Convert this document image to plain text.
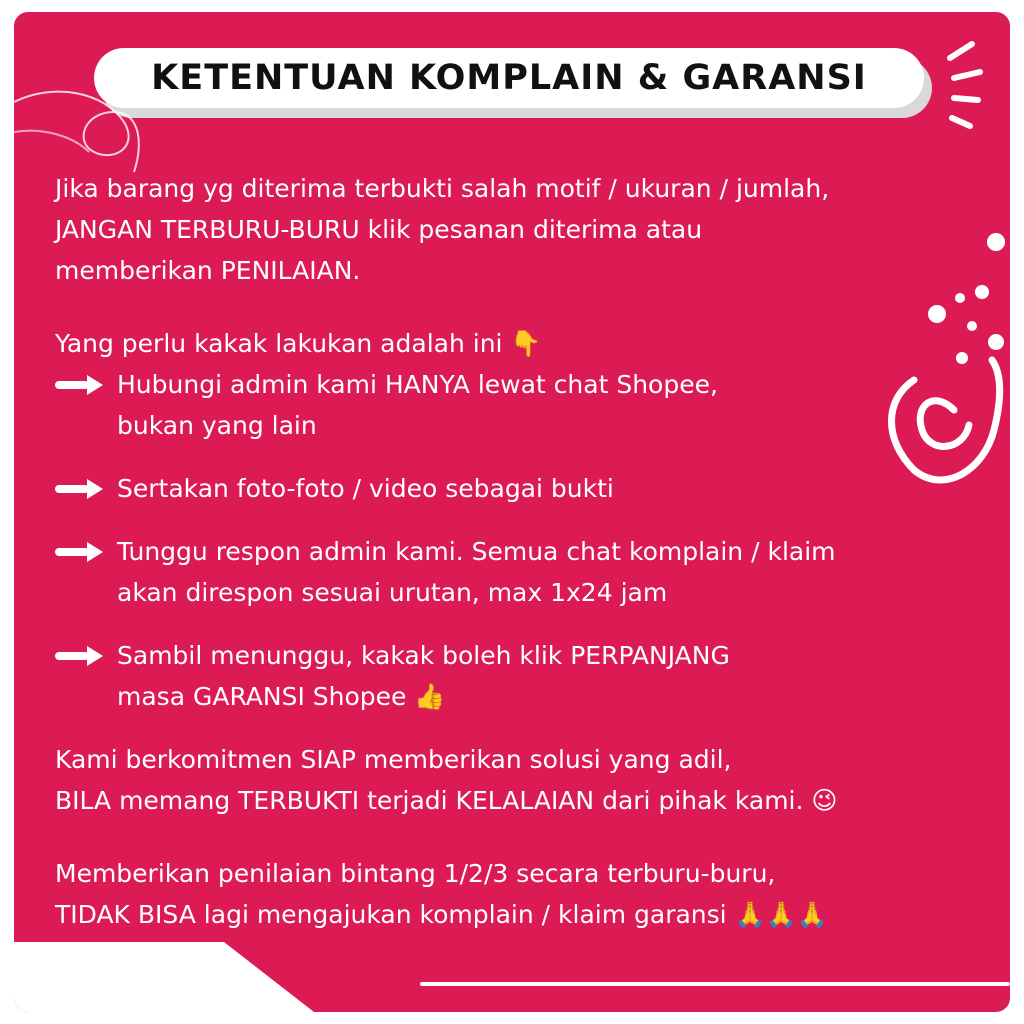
KETENTUAN KOMPLAIN & GARANSI
Jika barang yg diterima terbukti salah motif / ukuran / jumlah,
JANGAN TERBURU-BURU klik pesanan diterima atau
memberikan PENILAIAN.
Yang perlu kakak lakukan adalah ini 👇
Hubungi admin kami HANYA lewat chat Shopee,
bukan yang lain
Sertakan foto-foto / video sebagai bukti
Tunggu respon admin kami. Semua chat komplain / klaim
akan direspon sesuai urutan, max 1x24 jam
Sambil menunggu, kakak boleh klik PERPANJANG
masa GARANSI Shopee 👍
Kami berkomitmen SIAP memberikan solusi yang adil,
BILA memang TERBUKTI terjadi KELALAIAN dari pihak kami. 😉
Memberikan penilaian bintang 1/2/3 secara terburu-buru,
TIDAK BISA lagi mengajukan komplain / klaim garansi 🙏🙏🙏
